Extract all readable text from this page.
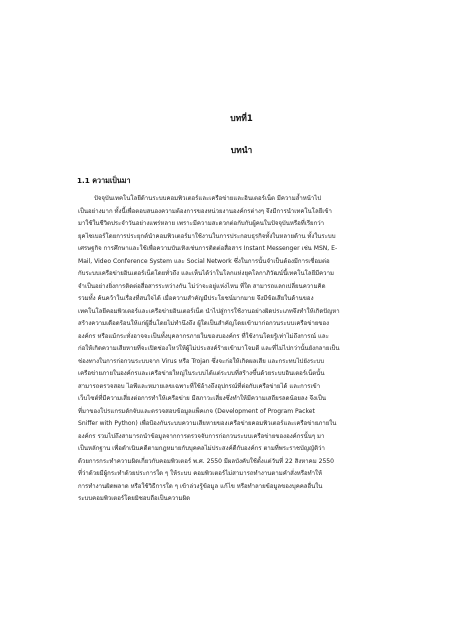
บทที่1
บทนำ
1.1 ความเป็นมา
ปัจจุบันเทคโนโลยีด้านระบบคอมพิวเตอร์และเครือข่ายและอินเตอร์เน็ต มีความล้ำหน้าไป
เป็นอย่างมาก ทั้งนี้เพื่อตอบสนองความต้องการของหน่วยงานองค์กรต่างๆ จึงมีการนำเทคโนโลยีเข้า
มาใช้ในชีวิตประจำวันอย่างแพร่หลาย เพราะมีความสะดวกต่อกับกับผู้คนในปัจจุบันหรือที่เรียกว่า
ยุคไซเบอร์โดยการประยุกต์นำคอมพิวเตอร์มาใช้งานในการประกอบธุรกิจทั้งในหลายด้าน ทั้งในระบบ
เศรษฐกิจ การศึกษาและใช้เพื่อความบันเทิงเช่นการติดต่อสื่อสาร Instant Messenger เช่น MSN, E-
Mail, Video Conference System และ Social Network ซึ่งในการนั้นจำเป็นต้องมีการเชื่อมต่อ
กับระบบเครือข่ายอินเตอร์เน็ตโดยทั่วถึง และเห็นได้ว่าในโลกแห่งยุคโลกาภิวัฒน์นี้เทคโนโลยีมีความ
จำเป็นอย่างยิ่งการติดต่อสื่อสารระหว่างกัน ไม่ว่าจะอยู่แห่งไหน ที่ใด สามารถแลกเปลี่ยนความคิด
รวมทั้ง ค้นคว้าในเรื่องที่สนใจได้ เมื่อความสำคัญมีประโยชน์มากมาย จึงมีข้อเสียในด้านของ
เทคโนโลยีคอมพิวเตอร์และเครือข่ายอินเตอร์เน็ต นำไปสู่การใช้งานอย่างผิดประเภทจึงทำให้เกิดปัญหา
สร้างความเดือดร้อนให้แก่ผู้อื่นโดยไม่ทำนึงถึง ผู้ใดเป็นสำคัญโดยเข้ามาก่อกวนระบบเครือข่ายของ
องค์กร หรือแม้กระทั่งอาจจะเป็นทั้งบุคลากรภายในของบองค์กร ที่ใช้งานโดยรู้เท่าไม่ถึงการณ์ และ
ก่อให้เกิดความเสียหายที่จะเปิดช่องโหว่ให้ผู้ไม่ประสงค์ร้ายเข้ามาโจมตี และที่ไม่ไปกว่านั้นยังกลายเป็น
ช่องทางในการก่อกวนระบบจาก Virus หรือ Trojan ซึ่งจะก่อให้เกิดผลเสีย และกระทบไปยังระบบ
เครือข่ายภายในองค์กรและเครือข่ายใหญ่ในระบบได้แต่ระบบที่สร้างขึ้นด้วยระบบอินเตอร์เน็ตนั้น
สามารถตรวจสอบ ไอพีและหมายเลขเฉพาะที่ใช้อ้างถึงอุปกรณ์ที่ต่อกับเครือข่ายได้ และการเข้า
เว็บไซต์ที่มีความเสี่ยงต่อการทำให้เครือข่าย มีสภาวะเสี่ยงซึ่งทำให้มีความเสถียรลดน้อยลง จึงเป็น
ที่มาของโปรแกรมดักจับและตรวจสอบข้อมูลแพ็คเกจ (Development of Program Packet
Sniffer with Python) เพื่อป้องกันระบบความเสียหายของเครือข่ายคอมพิวเตอร์และเครือข่ายภายใน
องค์กร รวมไปถึงสามารถนำข้อมูลจากการตรวจจับการก่อกวนระบบเครือข่ายขององค์กรนั้นๆ มา
เป็นหลักฐาน เพื่อดำเนินคดีตามกฎหมายกับบุคคลไม่ประสงค์ดีกับองค์กร ตามที่พระราชบัญญัติว่า
ด้วยการกระทำความผิดเกี่ยวกับคอมพิวเตอร์ พ.ศ. 2550 มีผลบังคับใช้ตั้งแต่วันที่ 22 สิงหาคม 2550
ที่ว่าด้วยมีผู้กระทำด้วยประการใด ๆ ให้ระบบ คอมพิวเตอร์ไม่สามารถทำงานตามคำสั่งหรือทำให้
การทำงานผิดพลาด หรือใช้วิธีการใด ๆ เข้าล่วงรู้ข้อมูล แก้ไข หรือทำลายข้อมูลของบุคคลอื่นใน
ระบบคอมพิวเตอร์โดยมิชอบถือเป็นความผิด
